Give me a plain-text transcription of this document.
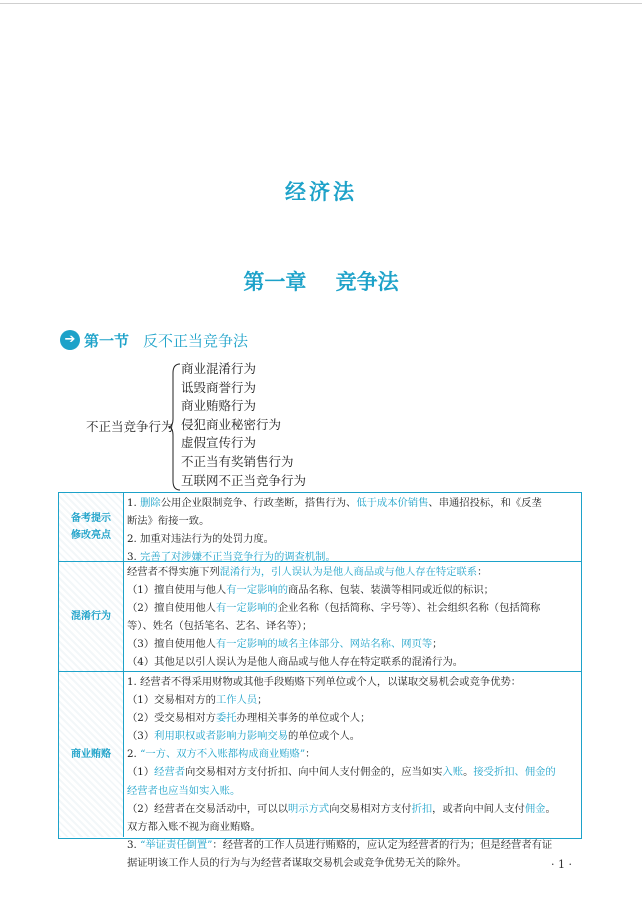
经济法
第一章    竞争法
➔ 第一节 反不正当竞争法
不正当竞争行为
商业混淆行为
诋毁商誉行为
商业贿赂行为
侵犯商业秘密行为
虚假宣传行为
不正当有奖销售行为
互联网不正当竞争行为
备考提示
修改亮点

1. 删除公用企业限制竞争、行政垄断，搭售行为、低于成本价销售、串通招投标，和《反垄

断法》衔接一致。

2. 加重对违法行为的处罚力度。

3. 完善了对涉嫌不正当竞争行为的调查机制。

混淆行为

经营者不得实施下列混淆行为，引人误认为是他人商品或与他人存在特定联系：

（1）擅自使用与他人有一定影响的商品名称、包装、装潢等相同或近似的标识；

（2）擅自使用他人有一定影响的企业名称（包括简称、字号等）、社会组织名称（包括简称

等）、姓名（包括笔名、艺名、译名等）；

（3）擅自使用他人有一定影响的域名主体部分、网站名称、网页等；

（4）其他足以引人误认为是他人商品或与他人存在特定联系的混淆行为。

商业贿赂

1. 经营者不得采用财物或其他手段贿赂下列单位或个人，以谋取交易机会或竞争优势：

（1）交易相对方的工作人员；

（2）受交易相对方委托办理相关事务的单位或个人；

（3）利用职权或者影响力影响交易的单位或个人。

2. “一方、双方不入账都构成商业贿赂”：

（1）经营者向交易相对方支付折扣、向中间人支付佣金的，应当如实入账。接受折扣、佣金的

经营者也应当如实入账。

（2）经营者在交易活动中，可以以明示方式向交易相对方支付折扣，或者向中间人支付佣金。

双方都入账不视为商业贿赂。

3. “举证责任倒置”：经营者的工作人员进行贿赂的，应认定为经营者的行为；但是经营者有证

据证明该工作人员的行为与为经营者谋取交易机会或竞争优势无关的除外。	· 1 ·
